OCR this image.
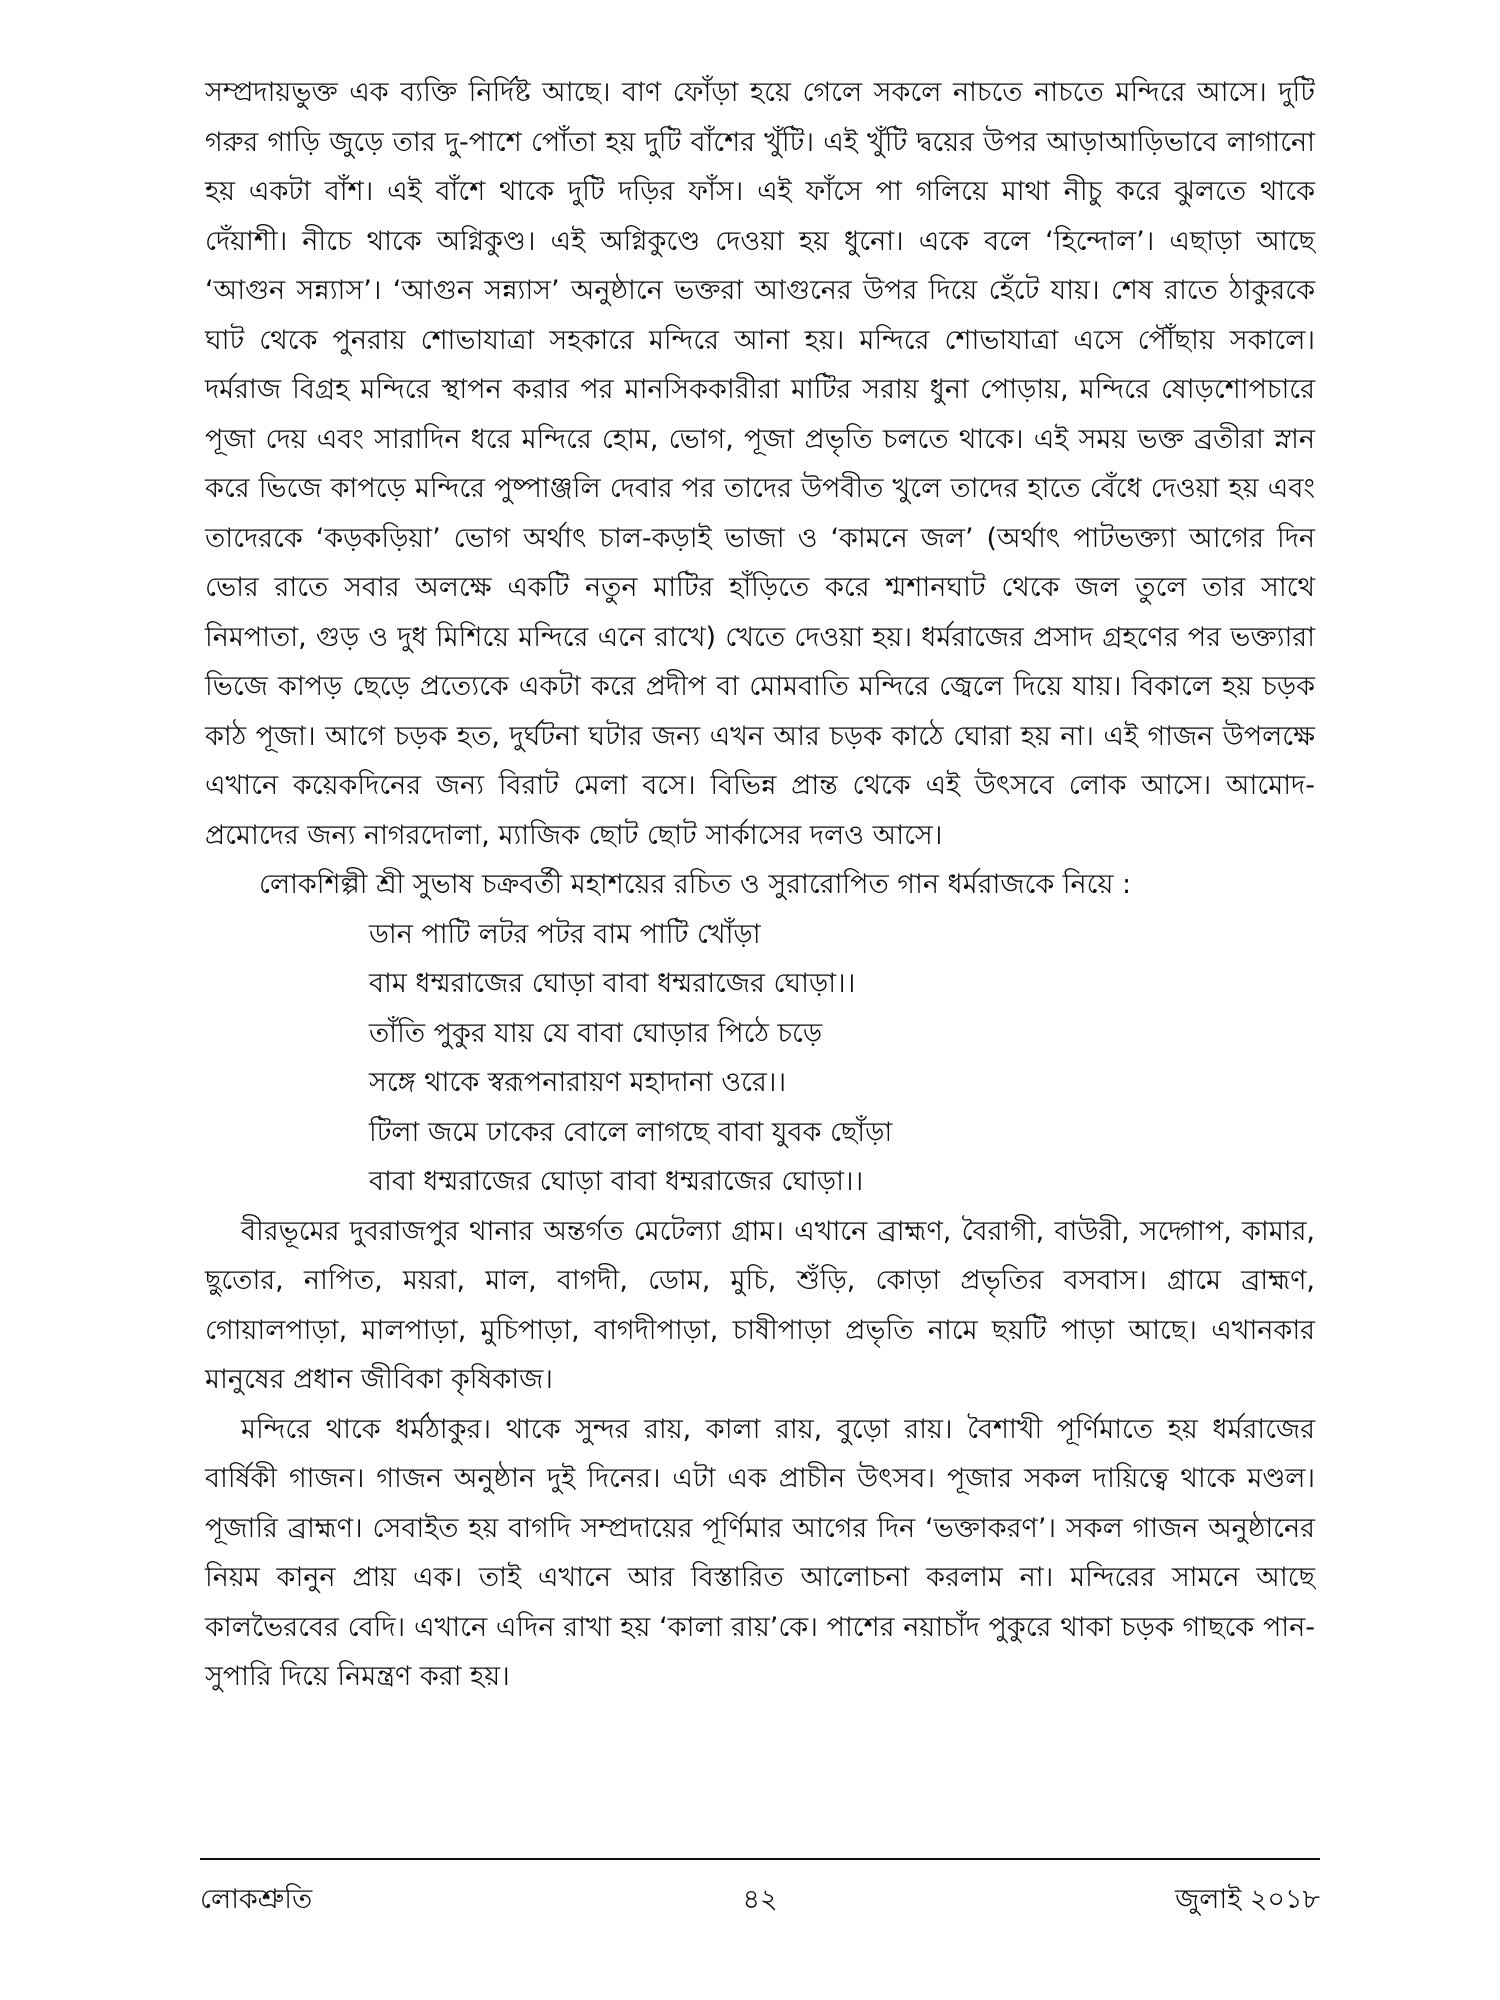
সম্প্রদায়ভুক্ত এক ব্যক্তি নির্দিষ্ট আছে। বাণ ফোঁড়া হয়ে গেলে সকলে নাচতে নাচতে মন্দিরে আসে। দুটি গরুর গাড়ি জুড়ে তার দু-পাশে পোঁতা হয় দুটি বাঁশের খুঁটি। এই খুঁটি দ্বয়ের উপর আড়াআড়িভাবে লাগানো হয় একটা বাঁশ। এই বাঁশে থাকে দুটি দড়ির ফাঁস। এই ফাঁসে পা গলিয়ে মাথা নীচু করে ঝুলতে থাকে দেঁয়াশী। নীচে থাকে অগ্নিকুণ্ড। এই অগ্নিকুণ্ডে দেওয়া হয় ধুনো। একে বলে ‘হিন্দোল’। এছাড়া আছে ‘আগুন সন্ন্যাস’। ‘আগুন সন্ন্যাস’ অনুষ্ঠানে ভক্তরা আগুনের উপর দিয়ে হেঁটে যায়। শেষ রাতে ঠাকুরকে ঘাট থেকে পুনরায় শোভাযাত্রা সহকারে মন্দিরে আনা হয়। মন্দিরে শোভাযাত্রা এসে পৌঁছায় সকালে। দর্মরাজ বিগ্রহ মন্দিরে স্থাপন করার পর মানসিককারীরা মাটির সরায় ধুনা পোড়ায়, মন্দিরে ষোড়শোপচারে পূজা দেয় এবং সারাদিন ধরে মন্দিরে হোম, ভোগ, পূজা প্রভৃতি চলতে থাকে। এই সময় ভক্ত ব্রতীরা স্নান করে ভিজে কাপড়ে মন্দিরে পুষ্পাঞ্জলি দেবার পর তাদের উপবীত খুলে তাদের হাতে বেঁধে দেওয়া হয় এবং তাদেরকে ‘কড়কড়িয়া’ ভোগ অর্থাৎ চাল-কড়াই ভাজা ও ‘কামনে জল’ (অর্থাৎ পাটভক্ত্যা আগের দিন ভোর রাতে সবার অলক্ষে একটি নতুন মাটির হাঁড়িতে করে শ্মশানঘাট থেকে জল তুলে তার সাথে নিমপাতা, গুড় ও দুধ মিশিয়ে মন্দিরে এনে রাখে) খেতে দেওয়া হয়। ধর্মরাজের প্রসাদ গ্রহণের পর ভক্ত্যারা ভিজে কাপড় ছেড়ে প্রত্যেকে একটা করে প্রদীপ বা মোমবাতি মন্দিরে জ্বেলে দিয়ে যায়। বিকালে হয় চড়ক কাঠ পূজা। আগে চড়ক হত, দুর্ঘটনা ঘটার জন্য এখন আর চড়ক কাঠে ঘোরা হয় না। এই গাজন উপলক্ষে এখানে কয়েকদিনের জন্য বিরাট মেলা বসে। বিভিন্ন প্রান্ত থেকে এই উৎসবে লোক আসে। আমোদ-প্রমোদের জন্য নাগরদোলা, ম্যাজিক ছোট ছোট সার্কাসের দলও আসে।

লোকশিল্পী শ্রী সুভাষ চক্রবর্তী মহাশয়ের রচিত ও সুরারোপিত গান ধর্মরাজকে নিয়ে :

ডান পাটি লটর পটর বাম পাটি খোঁড়া
বাম ধম্মরাজের ঘোড়া বাবা ধম্মরাজের ঘোড়া।।
তাঁতি পুকুর যায় যে বাবা ঘোড়ার পিঠে চড়ে
সঙ্গে থাকে স্বরূপনারায়ণ মহাদানা ওরে।।
টিলা জমে ঢাকের বোলে লাগছে বাবা যুবক ছোঁড়া
বাবা ধম্মরাজের ঘোড়া বাবা ধম্মরাজের ঘোড়া।।

বীরভূমের দুবরাজপুর থানার অন্তর্গত মেটেল্যা গ্রাম। এখানে ব্রাহ্মণ, বৈরাগী, বাউরী, সদ্গোপ, কামার, ছুতোর, নাপিত, ময়রা, মাল, বাগদী, ডোম, মুচি, শুঁড়ি, কোড়া প্রভৃতির বসবাস। গ্রামে ব্রাহ্মণ, গোয়ালপাড়া, মালপাড়া, মুচিপাড়া, বাগদীপাড়া, চাষীপাড়া প্রভৃতি নামে ছয়টি পাড়া আছে। এখানকার মানুষের প্রধান জীবিকা কৃষিকাজ।

মন্দিরে থাকে ধর্মঠাকুর। থাকে সুন্দর রায়, কালা রায়, বুড়ো রায়। বৈশাখী পূর্ণিমাতে হয় ধর্মরাজের বার্ষিকী গাজন। গাজন অনুষ্ঠান দুই দিনের। এটা এক প্রাচীন উৎসব। পূজার সকল দায়িত্বে থাকে মণ্ডল। পূজারি ব্রাহ্মণ। সেবাইত হয় বাগদি সম্প্রদায়ের পূর্ণিমার আগের দিন ‘ভক্তাকরণ’। সকল গাজন অনুষ্ঠানের নিয়ম কানুন প্রায় এক। তাই এখানে আর বিস্তারিত আলোচনা করলাম না। মন্দিরের সামনে আছে কালভৈরবের বেদি। এখানে এদিন রাখা হয় ‘কালা রায়’কে। পাশের নয়াচাঁদ পুকুরে থাকা চড়ক গাছকে পান-সুপারি দিয়ে নিমন্ত্রণ করা হয়।

৪২
লোকশ্রুতি	জুলাই ২০১৮
